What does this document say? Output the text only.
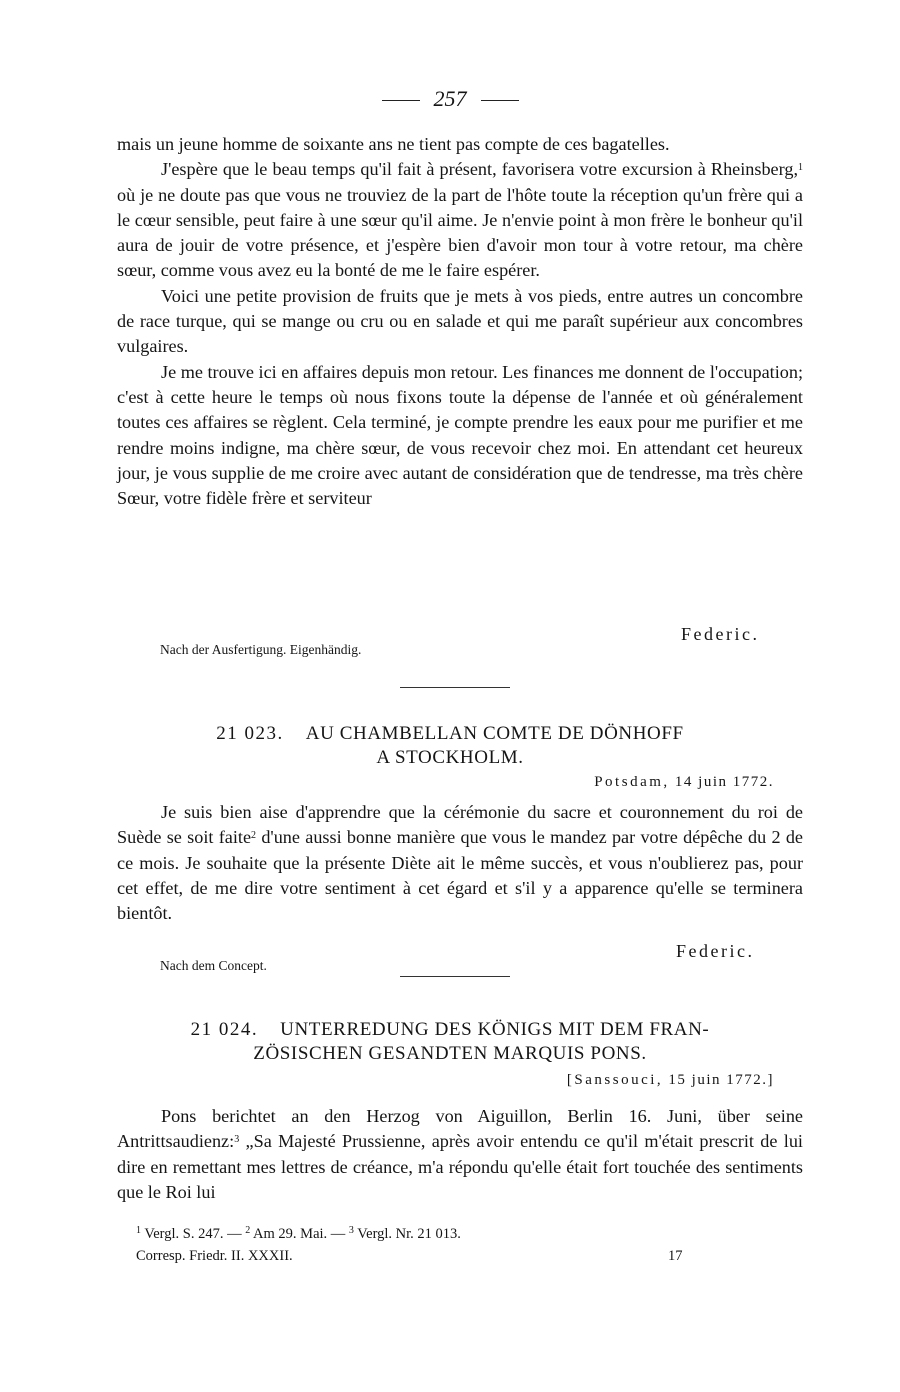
257

mais un jeune homme de soixante ans ne tient pas compte de ces bagatelles.

J'espère que le beau temps qu'il fait à présent, favorisera votre excursion à Rheinsberg,$^1$ où je ne doute pas que vous ne trouviez de la part de l'hôte toute la réception qu'un frère qui a le cœur sensible, peut faire à une sœur qu'il aime. Je n'envie point à mon frère le bonheur qu'il aura de jouir de votre présence, et j'espère bien d'avoir mon tour à votre retour, ma chère sœur, comme vous avez eu la bonté de me le faire espérer.

Voici une petite provision de fruits que je mets à vos pieds, entre autres un concombre de race turque, qui se mange ou cru ou en salade et qui me paraît supérieur aux concombres vulgaires.

Je me trouve ici en affaires depuis mon retour. Les finances me donnent de l'occupation; c'est à cette heure le temps où nous fixons toute la dépense de l'année et où généralement toutes ces affaires se règlent. Cela terminé, je compte prendre les eaux pour me purifier et me rendre moins indigne, ma chère sœur, de vous recevoir chez moi. En attendant cet heureux jour, je vous supplie de me croire avec autant de considération que de tendresse, ma très chère Sœur, votre fidèle frère et serviteur

Federic.
Nach der Ausfertigung. Eigenhändig.
21 023. AU CHAMBELLAN COMTE DE DÖNHOFF
A STOCKHOLM.
Potsdam, 14 juin 1772.

Je suis bien aise d'apprendre que la cérémonie du sacre et couronnement du roi de Suède se soit faite$^2$ d'une aussi bonne manière que vous le mandez par votre dépêche du 2 de ce mois. Je souhaite que la présente Diète ait le même succès, et vous n'oublierez pas, pour cet effet, de me dire votre sentiment à cet égard et s'il y a apparence qu'elle se terminera bientôt.

Federic.
Nach dem Concept.
21 024. UNTERREDUNG DES KÖNIGS MIT DEM FRAN-
ZÖSISCHEN GESANDTEN MARQUIS PONS.
[Sanssouci, 15 juin 1772.]

Pons berichtet an den Herzog von Aiguillon, Berlin 16. Juni, über seine Antrittsaudienz:$^3$ „Sa Majesté Prussienne, après avoir entendu ce qu'il m'était prescrit de lui dire en remettant mes lettres de créance, m'a répondu qu'elle était fort touchée des sentiments que le Roi lui

$^1$ Vergl. S. 247. — $^2$ Am 29. Mai. — $^3$ Vergl. Nr. 21 013.
Corresp. Friedr. II. XXXII.	17
